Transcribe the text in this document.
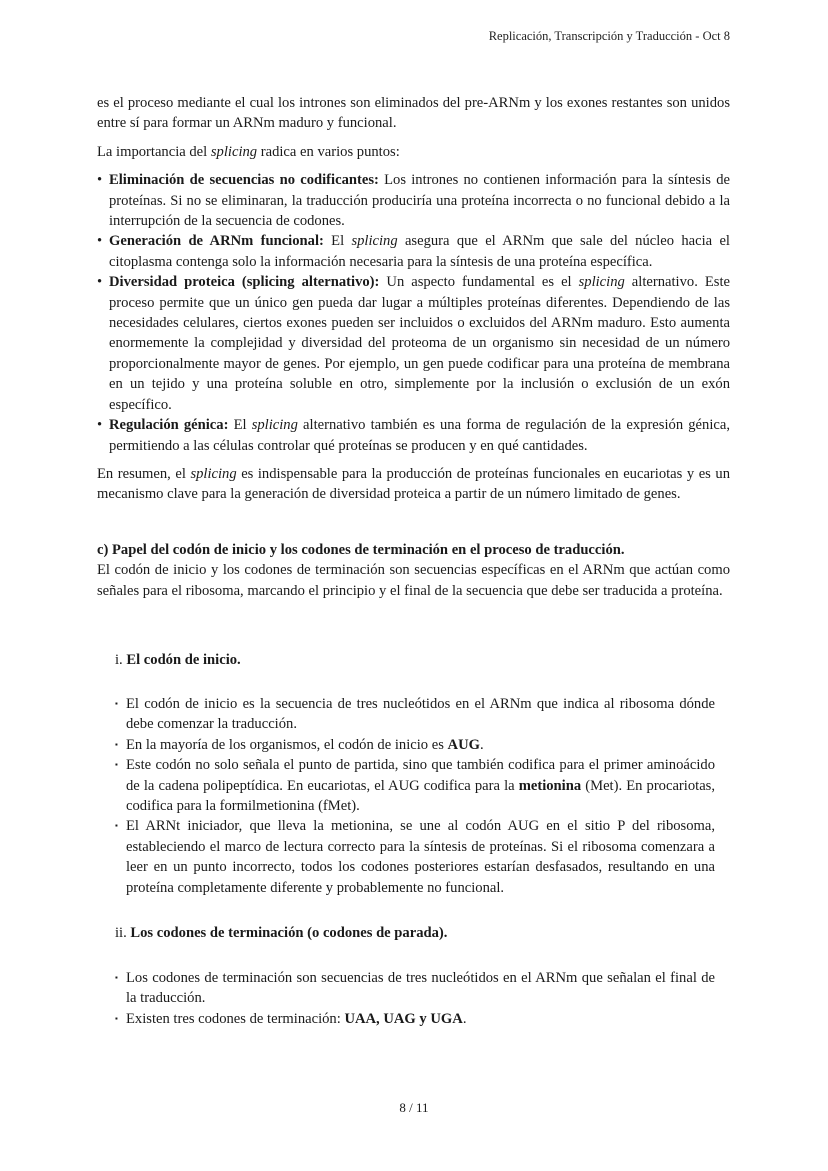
Replicación, Transcripción y Traducción - Oct 8

es el proceso mediante el cual los intrones son eliminados del pre-ARNm y los exones restantes son unidos entre sí para formar un ARNm maduro y funcional.

La importancia del splicing radica en varios puntos:

• Eliminación de secuencias no codificantes: Los intrones no contienen información para la síntesis de proteínas. Si no se eliminaran, la traducción produciría una proteína incorrecta o no funcional debido a la interrupción de la secuencia de codones.
• Generación de ARNm funcional: El splicing asegura que el ARNm que sale del núcleo hacia el citoplasma contenga solo la información necesaria para la síntesis de una proteína específica.
• Diversidad proteica (splicing alternativo): Un aspecto fundamental es el splicing alternativo. Este proceso permite que un único gen pueda dar lugar a múltiples proteínas diferentes. Dependiendo de las necesidades celulares, ciertos exones pueden ser incluidos o excluidos del ARNm maduro. Esto aumenta enormemente la complejidad y diversidad del proteoma de un organismo sin necesidad de un número proporcionalmente mayor de genes. Por ejemplo, un gen puede codificar para una proteína de membrana en un tejido y una proteína soluble en otro, simplemente por la inclusión o exclusión de un exón específico.
• Regulación génica: El splicing alternativo también es una forma de regulación de la expresión génica, permitiendo a las células controlar qué proteínas se producen y en qué cantidades.

En resumen, el splicing es indispensable para la producción de proteínas funcionales en eucariotas y es un mecanismo clave para la generación de diversidad proteica a partir de un número limitado de genes.

c) Papel del codón de inicio y los codones de terminación en el proceso de traducción.

El codón de inicio y los codones de terminación son secuencias específicas en el ARNm que actúan como señales para el ribosoma, marcando el principio y el final de la secuencia que debe ser traducida a proteína.

i. El codón de inicio.

▪ El codón de inicio es la secuencia de tres nucleótidos en el ARNm que indica al ribosoma dónde debe comenzar la traducción.
▪ En la mayoría de los organismos, el codón de inicio es AUG.
▪ Este codón no solo señala el punto de partida, sino que también codifica para el primer aminoácido de la cadena polipeptídica. En eucariotas, el AUG codifica para la metionina (Met). En procariotas, codifica para la formilmetionina (fMet).
▪ El ARNt iniciador, que lleva la metionina, se une al codón AUG en el sitio P del ribosoma, estableciendo el marco de lectura correcto para la síntesis de proteínas. Si el ribosoma comenzara a leer en un punto incorrecto, todos los codones posteriores estarían desfasados, resultando en una proteína completamente diferente y probablemente no funcional.

ii. Los codones de terminación (o codones de parada).

▪ Los codones de terminación son secuencias de tres nucleótidos en el ARNm que señalan el final de la traducción.
▪ Existen tres codones de terminación: UAA, UAG y UGA.
8 / 11
